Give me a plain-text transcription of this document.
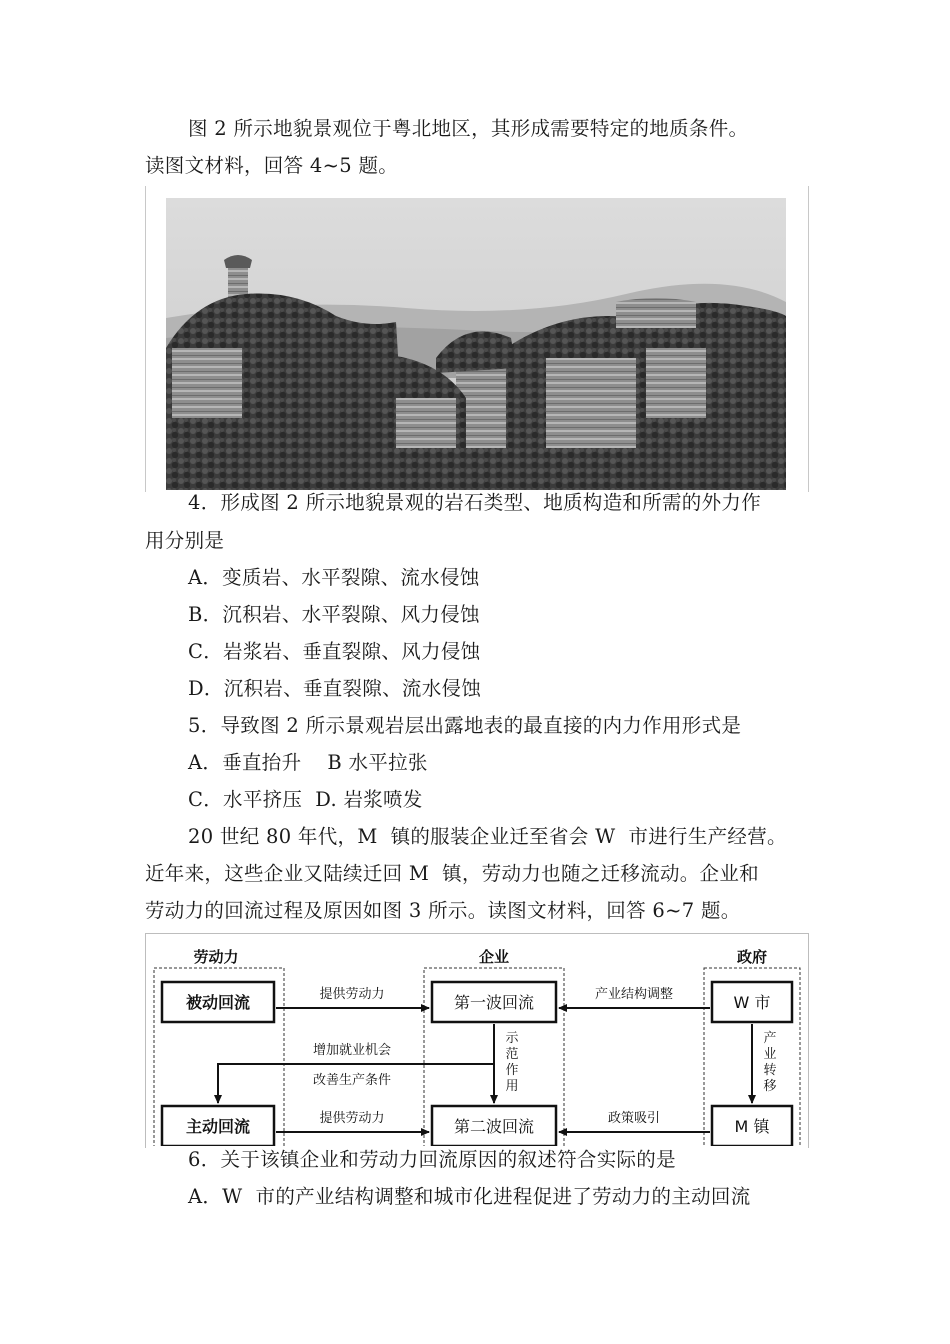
图 2 所示地貌景观位于粤北地区，其形成需要特定的地质条件。
读图文材料，回答 4~5 题。
4．形成图 2 所示地貌景观的岩石类型、地质构造和所需的外力作
用分别是
A．变质岩、水平裂隙、流水侵蚀
B．沉积岩、水平裂隙、风力侵蚀
C．岩浆岩、垂直裂隙、风力侵蚀
D．沉积岩、垂直裂隙、流水侵蚀
5．导致图 2 所示景观岩层出露地表的最直接的内力作用形式是
A．垂直抬升    B 水平拉张
C．水平挤压  D. 岩浆喷发
20 世纪 80 年代，M  镇的服装企业迁至省会 W  市进行生产经营。
近年来，这些企业又陆续迁回 M  镇，劳动力也随之迁移流动。企业和
劳动力的回流过程及原因如图 3 所示。读图文材料，回答 6~7 题。
劳动力	企业	政府
被动回流	第一波回流	W 市
主动回流	第二波回流	M 镇
提供劳动力	产业结构调整
产
业
转
移
示
范
作
用
增加就业机会
改善生产条件
提供劳动力	政策吸引
6．关于该镇企业和劳动力回流原因的叙述符合实际的是
A．W  市的产业结构调整和城市化进程促进了劳动力的主动回流
